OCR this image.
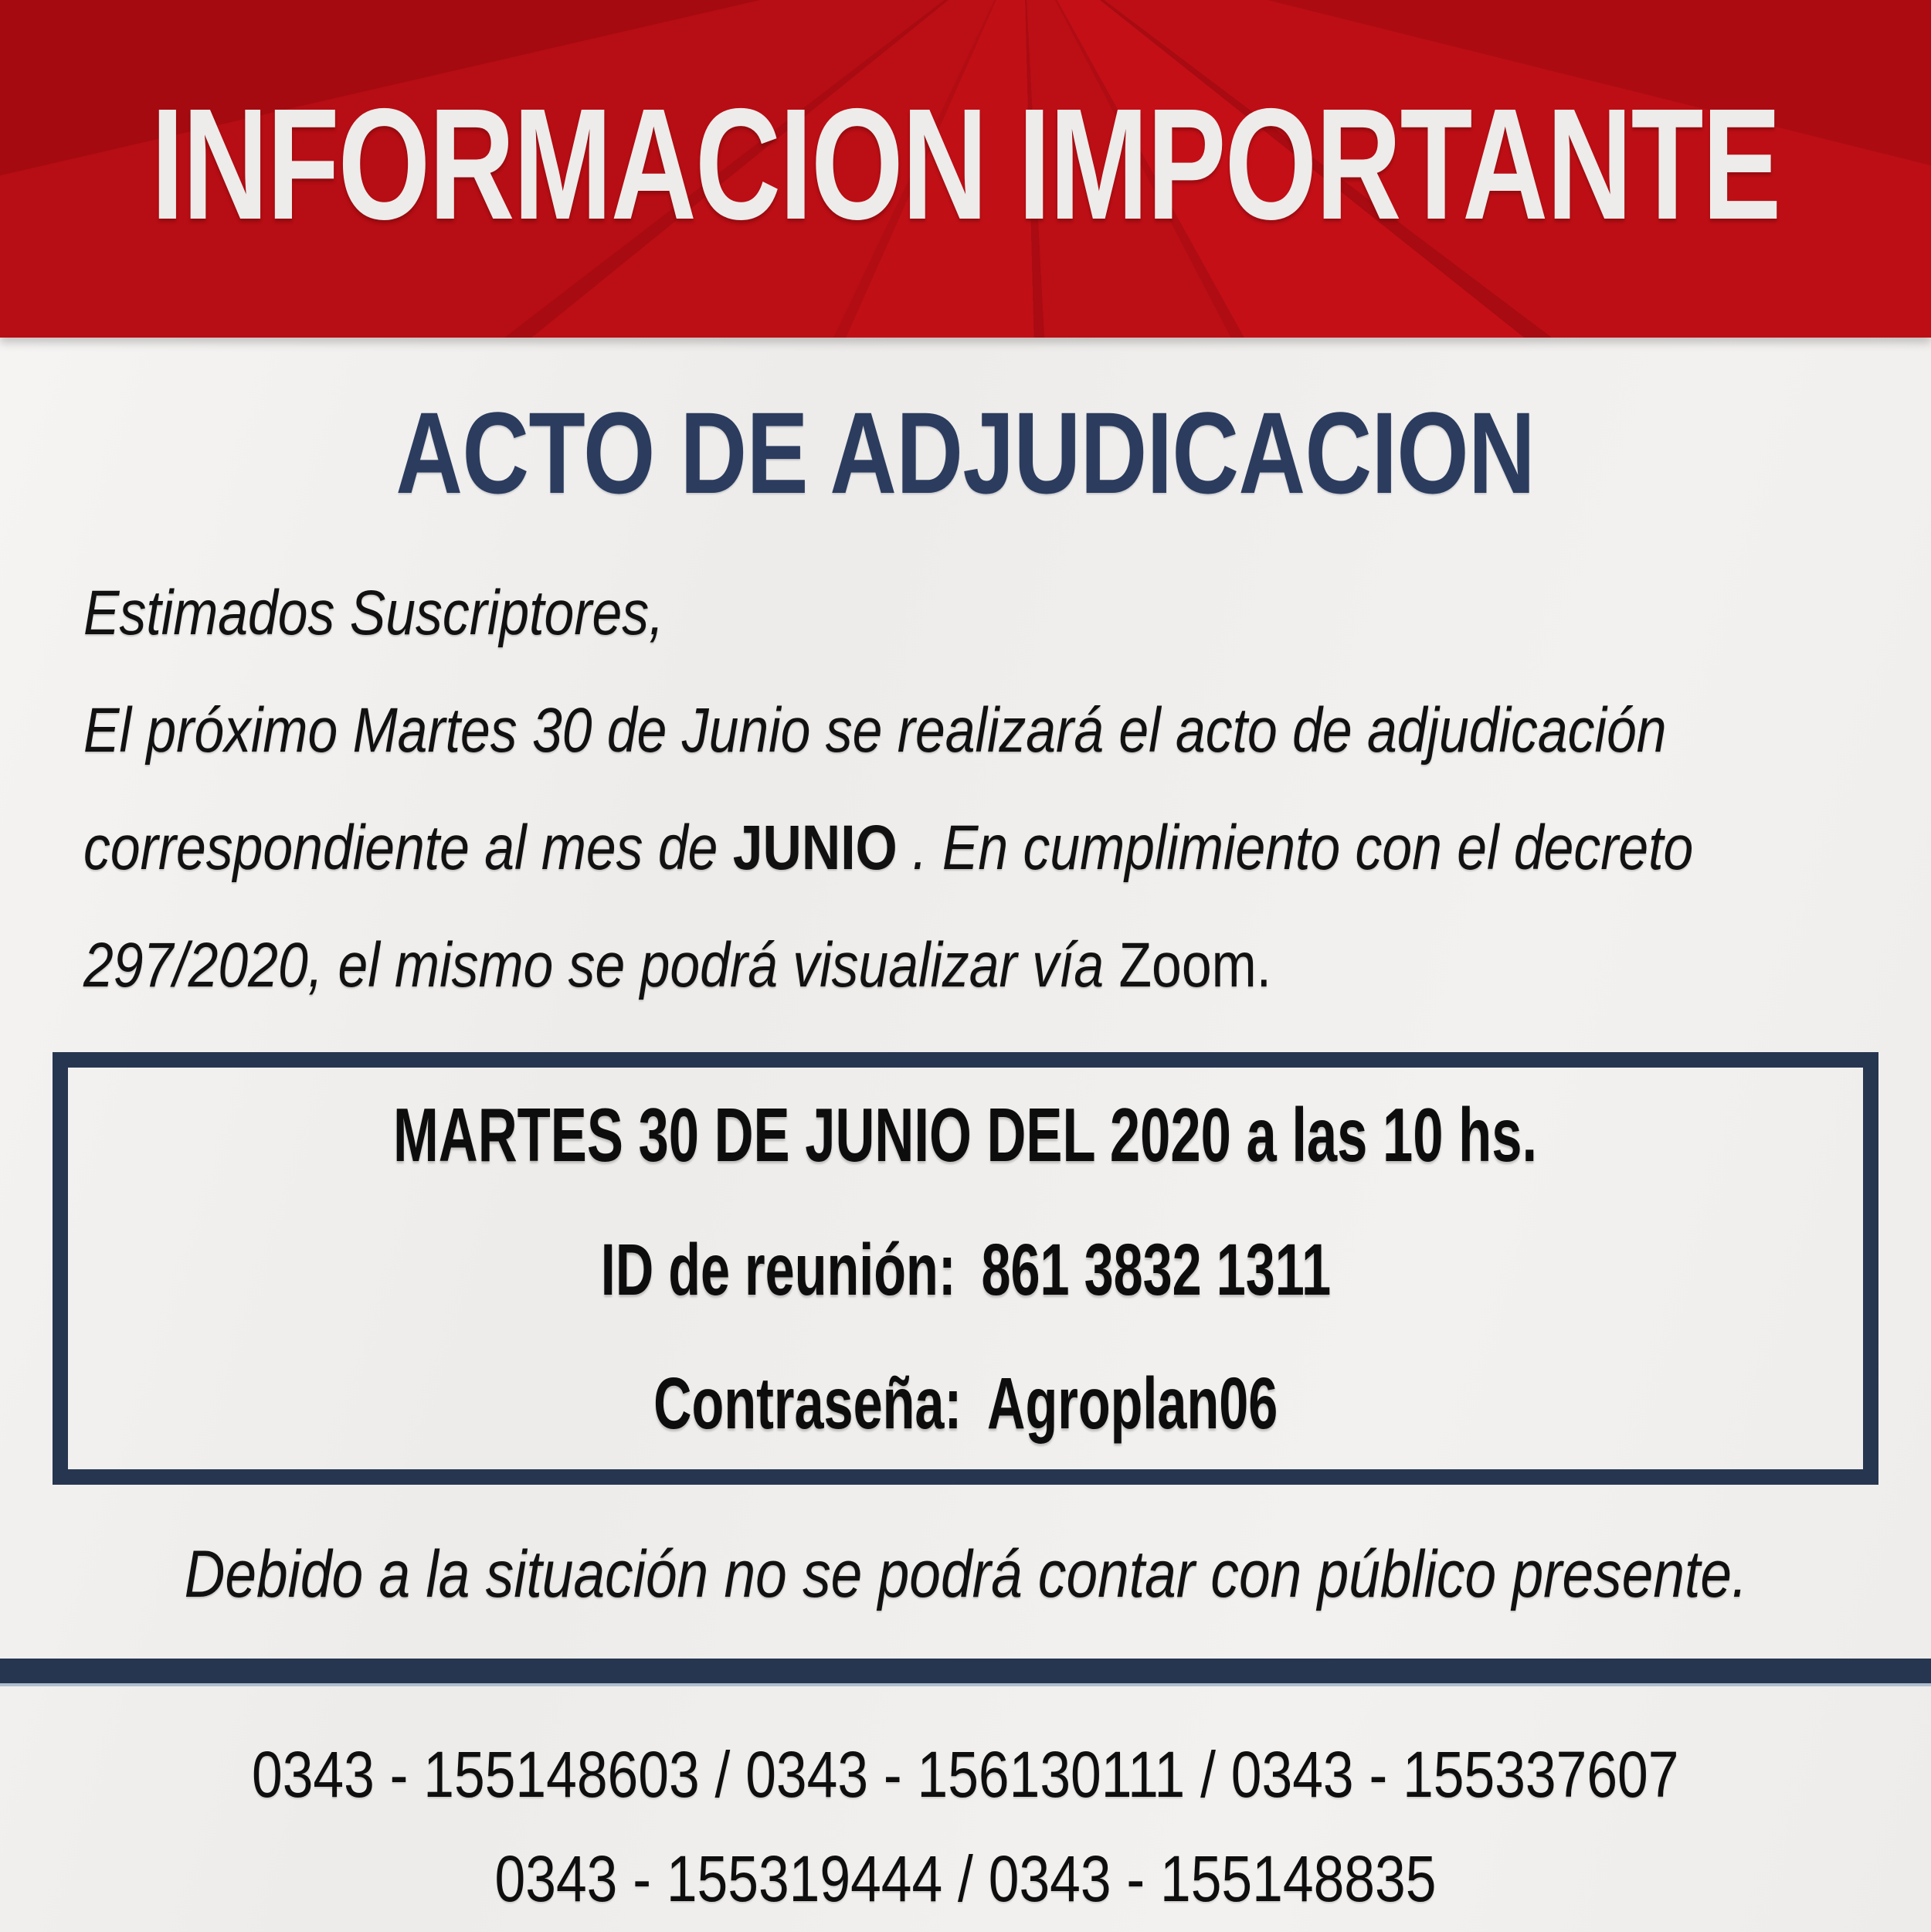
INFORMACION IMPORTANTE
ACTO DE ADJUDICACION

Estimados Suscriptores,

El próximo Martes 30 de Junio se realizará el acto de adjudicación

correspondiente al mes de JUNIO . En cumplimiento con el decreto

297/2020, el mismo se podrá visualizar vía Zoom.

MARTES 30 DE JUNIO DEL 2020 a las 10 hs.

ID de reunión: 861 3832 1311

Contraseña: Agroplan06

Debido a la situación no se podrá contar con público presente.

0343 - 155148603 / 0343 - 156130111 / 0343 - 155337607

0343 - 155319444 / 0343 - 155148835
